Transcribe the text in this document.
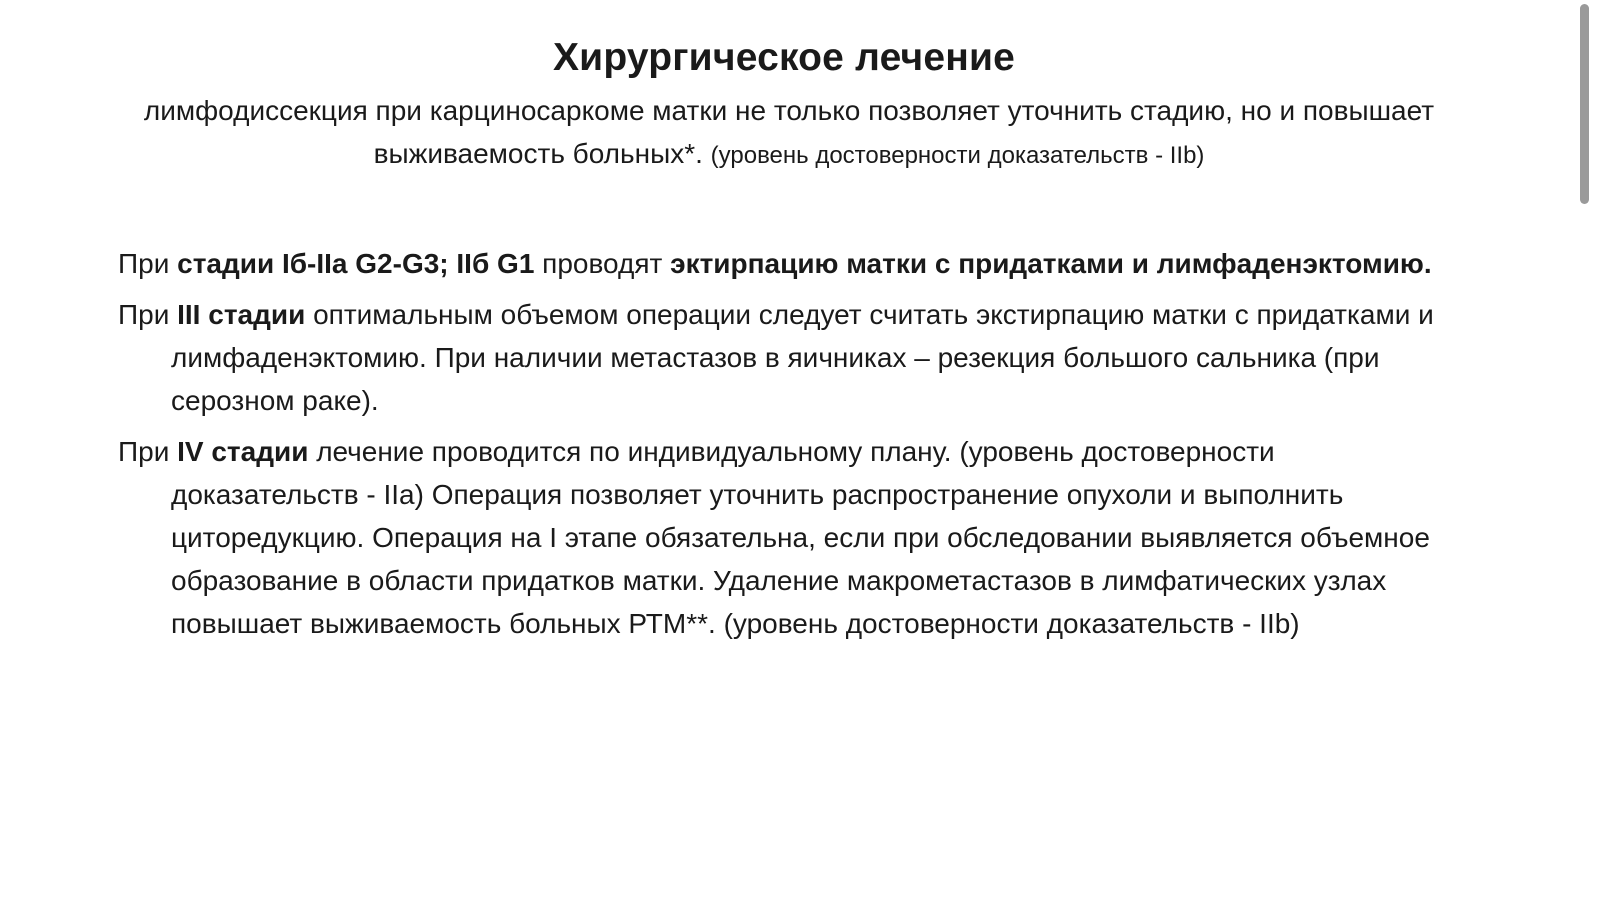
Хирургическое лечение

лимфодиссекция при карциносаркоме матки не только позволяет уточнить стадию, но и повышает выживаемость больных*. (уровень достоверности доказательств - IIb)

При стадии Iб-IIа G2-G3; IIб G1 проводят эктирпацию матки с придатками и лимфаденэктомию.
При III стадии оптимальным объемом операции следует считать экстирпацию матки с придатками и лимфаденэктомию. При наличии метастазов в яичниках – резекция большого сальника (при серозном раке).
При IV стадии лечение проводится по индивидуальному плану. (уровень достоверности доказательств - IIa) Операция позволяет уточнить распространение опухоли и выполнить циторедукцию. Операция на I этапе обязательна, если при обследовании выявляется объемное образование в области придатков матки. Удаление макрометастазов в лимфатических узлах повышает выживаемость больных РТМ**. (уровень достоверности доказательств - IIb)
